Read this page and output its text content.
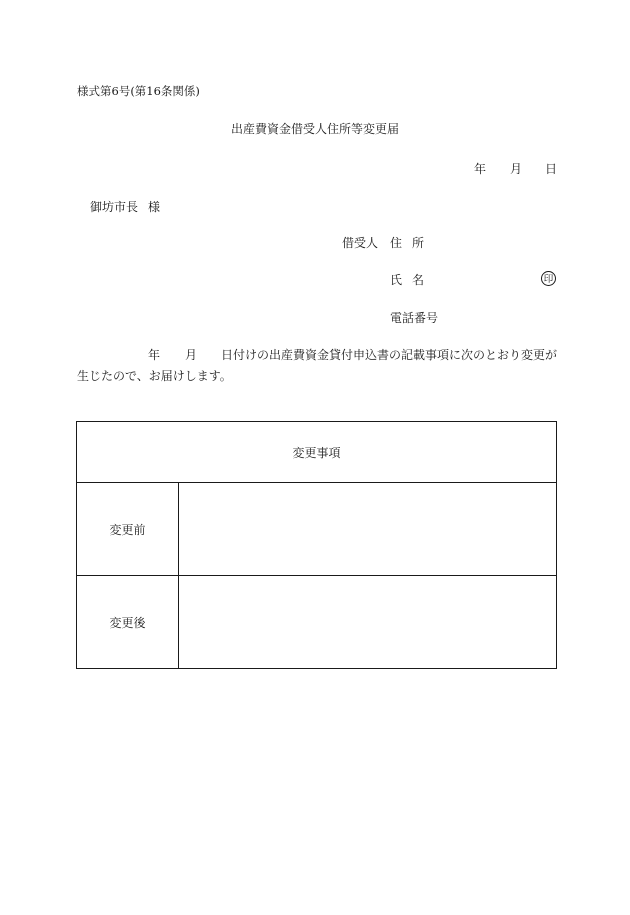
様式第6号(第16条関係)
出産費資金借受人住所等変更届
年 月 日
御坊市長 様
借受人 住所
氏名	印
電話番号
年 月 日付けの出産費資金貸付申込書の記載事項に次のとおり変更が
生じたので、お届けします。
変更事項	
変更前	
変更後	
